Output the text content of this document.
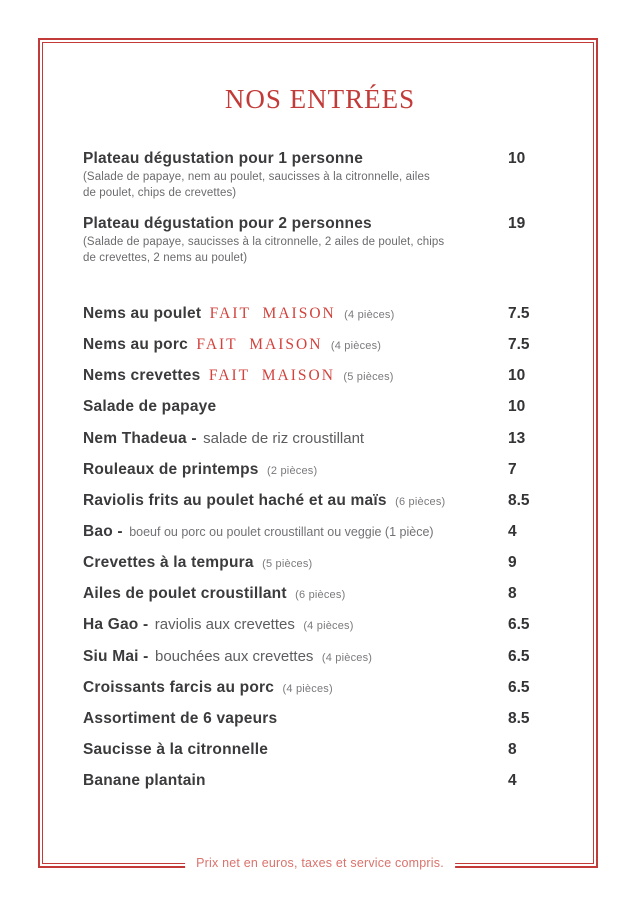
NOS ENTRÉES
Plateau dégustation pour 1 personne
(Salade de papaye, nem au poulet, saucisses à la citronnelle, ailes de poulet, chips de crevettes)
10
Plateau dégustation pour 2 personnes
(Salade de papaye, saucisses à la citronnelle, 2 ailes de poulet, chips de crevettes, 2 nems au poulet)
19
Nems au poulet FAIT MAISON (4 pièces)	7.5
Nems au porc FAIT MAISON (4 pièces)	7.5
Nems crevettes FAIT MAISON (5 pièces)	10
Salade de papaye	10
Nem Thadeua - salade de riz croustillant	13
Rouleaux de printemps (2 pièces)	7
Raviolis frits au poulet haché et au maïs (6 pièces)	8.5
Bao - boeuf ou porc ou poulet croustillant ou veggie (1 pièce)	4
Crevettes à la tempura (5 pièces)	9
Ailes de poulet croustillant (6 pièces)	8
Ha Gao - raviolis aux crevettes (4 pièces)	6.5
Siu Mai - bouchées aux crevettes (4 pièces)	6.5
Croissants farcis au porc (4 pièces)	6.5
Assortiment de 6 vapeurs	8.5
Saucisse à la citronnelle	8
Banane plantain	4
Prix net en euros, taxes et service compris.
